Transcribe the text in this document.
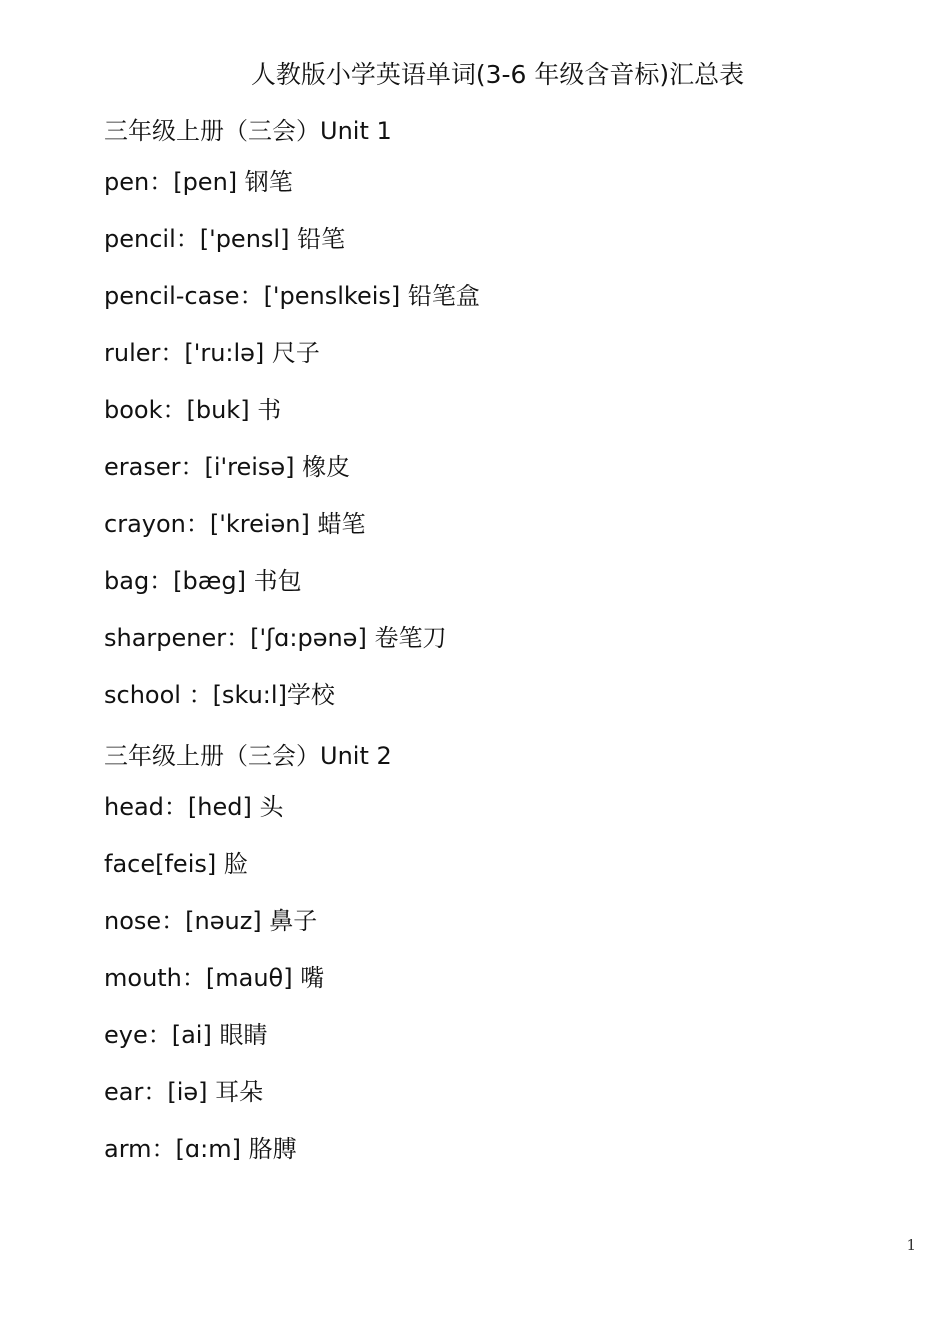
人教版小学英语单词(3-6 年级含音标)汇总表
三年级上册（三会）Unit 1
pen：[pen] 钢笔
pencil：['pensl] 铅笔
pencil-case：['penslkeis] 铅笔盒
ruler：['ru:lə] 尺子
book：[buk] 书
eraser：[i'reisə] 橡皮
crayon：['kreiən] 蜡笔
bag：[bæg] 书包
sharpener：['ʃɑ:pənə] 卷笔刀
school ：[sku:l]学校
三年级上册（三会）Unit 2
head：[hed] 头
face[feis] 脸
nose：[nəuz] 鼻子
mouth：[mauθ] 嘴
eye：[ai] 眼睛
ear：[iə] 耳朵
arm：[ɑ:m] 胳膊
1
